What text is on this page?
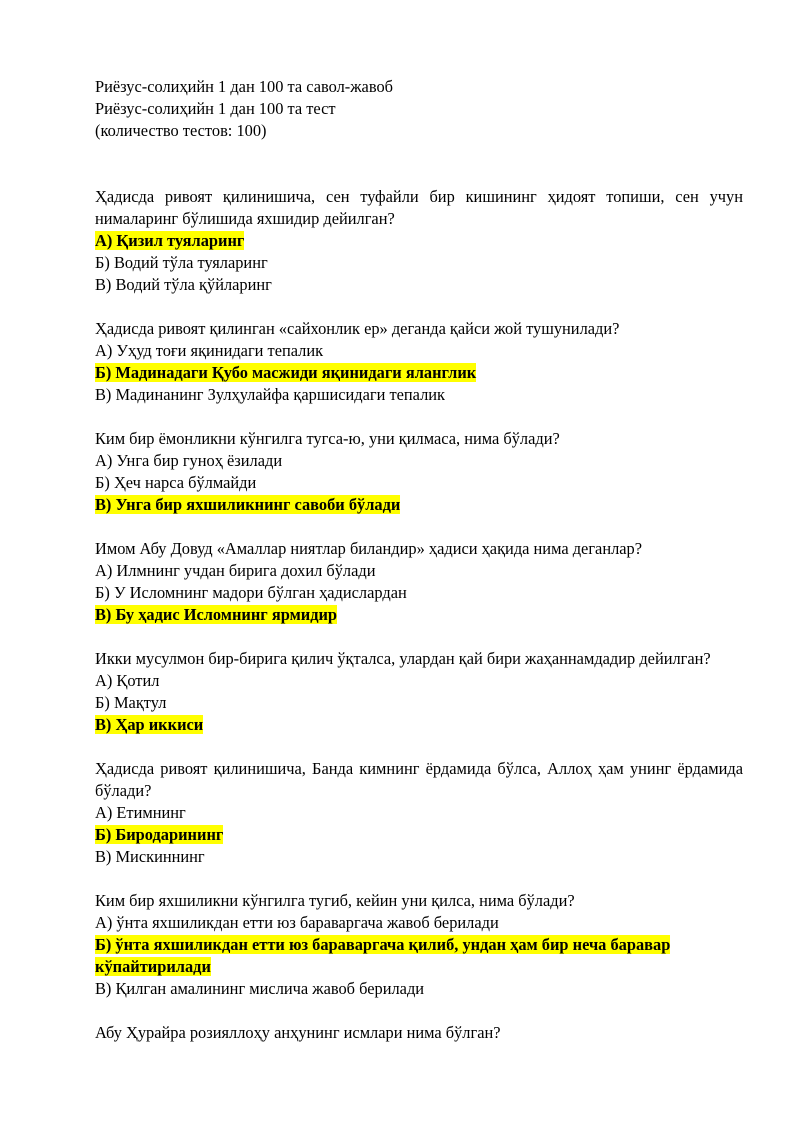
Риёзус-солиҳийн 1 дан 100 та савол-жавоб
Риёзус-солиҳийн 1 дан 100 та тест
(количество тестов: 100)

Ҳадисда ривоят қилинишича, сен туфайли бир кишининг ҳидоят топиши, сен учун нималаринг бўлишида яхшидир дейилган?

А) Қизил туяларинг
Б) Водий тўла туяларинг
В) Водий тўла қўйларинг

Ҳадисда ривоят қилинган «сайхонлик ер» деганда қайси жой тушунилади?

А) Уҳуд тоғи яқинидаги тепалик
Б) Мадинадаги Қубо масжиди яқинидаги яланглик
В) Мадинанинг Зулҳулайфа қаршисидаги тепалик

Ким бир ёмонликни кўнгилга тугса-ю, уни қилмаса, нима бўлади?

А) Унга бир гуноҳ ёзилади
Б) Ҳеч нарса бўлмайди
В) Унга бир яхшиликнинг савоби бўлади

Имом Абу Довуд «Амаллар ниятлар биландир» ҳадиси ҳақида нима деганлар?

А) Илмнинг учдан бирига дохил бўлади
Б) У Исломнинг мадори бўлган ҳадислардан
В) Бу ҳадис Исломнинг ярмидир

Икки мусулмон бир-бирига қилич ўқталса, улардан қай бири жаҳаннамдадир дейилган?

А) Қотил
Б) Мақтул
В) Ҳар иккиси

Ҳадисда ривоят қилинишича, Банда кимнинг ёрдамида бўлса, Аллоҳ ҳам унинг ёрдамида бўлади?

А) Етимнинг
Б) Биродарининг
В) Мискиннинг

Ким бир яхшиликни кўнгилга тугиб, кейин уни қилса, нима бўлади?

А) ўнта яхшиликдан етти юз бараваргача жавоб берилади
Б) ўнта яхшиликдан етти юз бараваргача қилиб, ундан ҳам бир неча баравар кўпайтирилади
В) Қилган амалининг мислича жавоб берилади

Абу Ҳурайра розияллоҳу анҳунинг исмлари нима бўлган?
